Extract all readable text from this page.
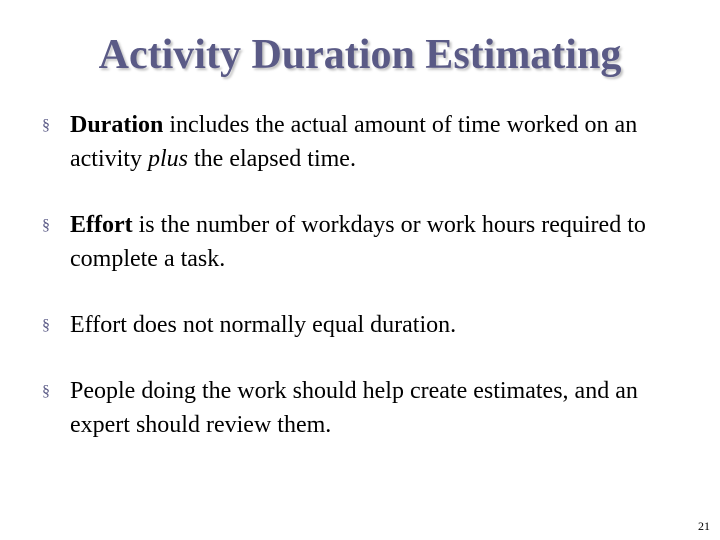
Activity Duration Estimating
§ Duration includes the actual amount of time worked on an activity plus the elapsed time.
§ Effort is the number of workdays or work hours required to complete a task.
§ Effort does not normally equal duration.
§ People doing the work should help create estimates, and an expert should review them.
21
